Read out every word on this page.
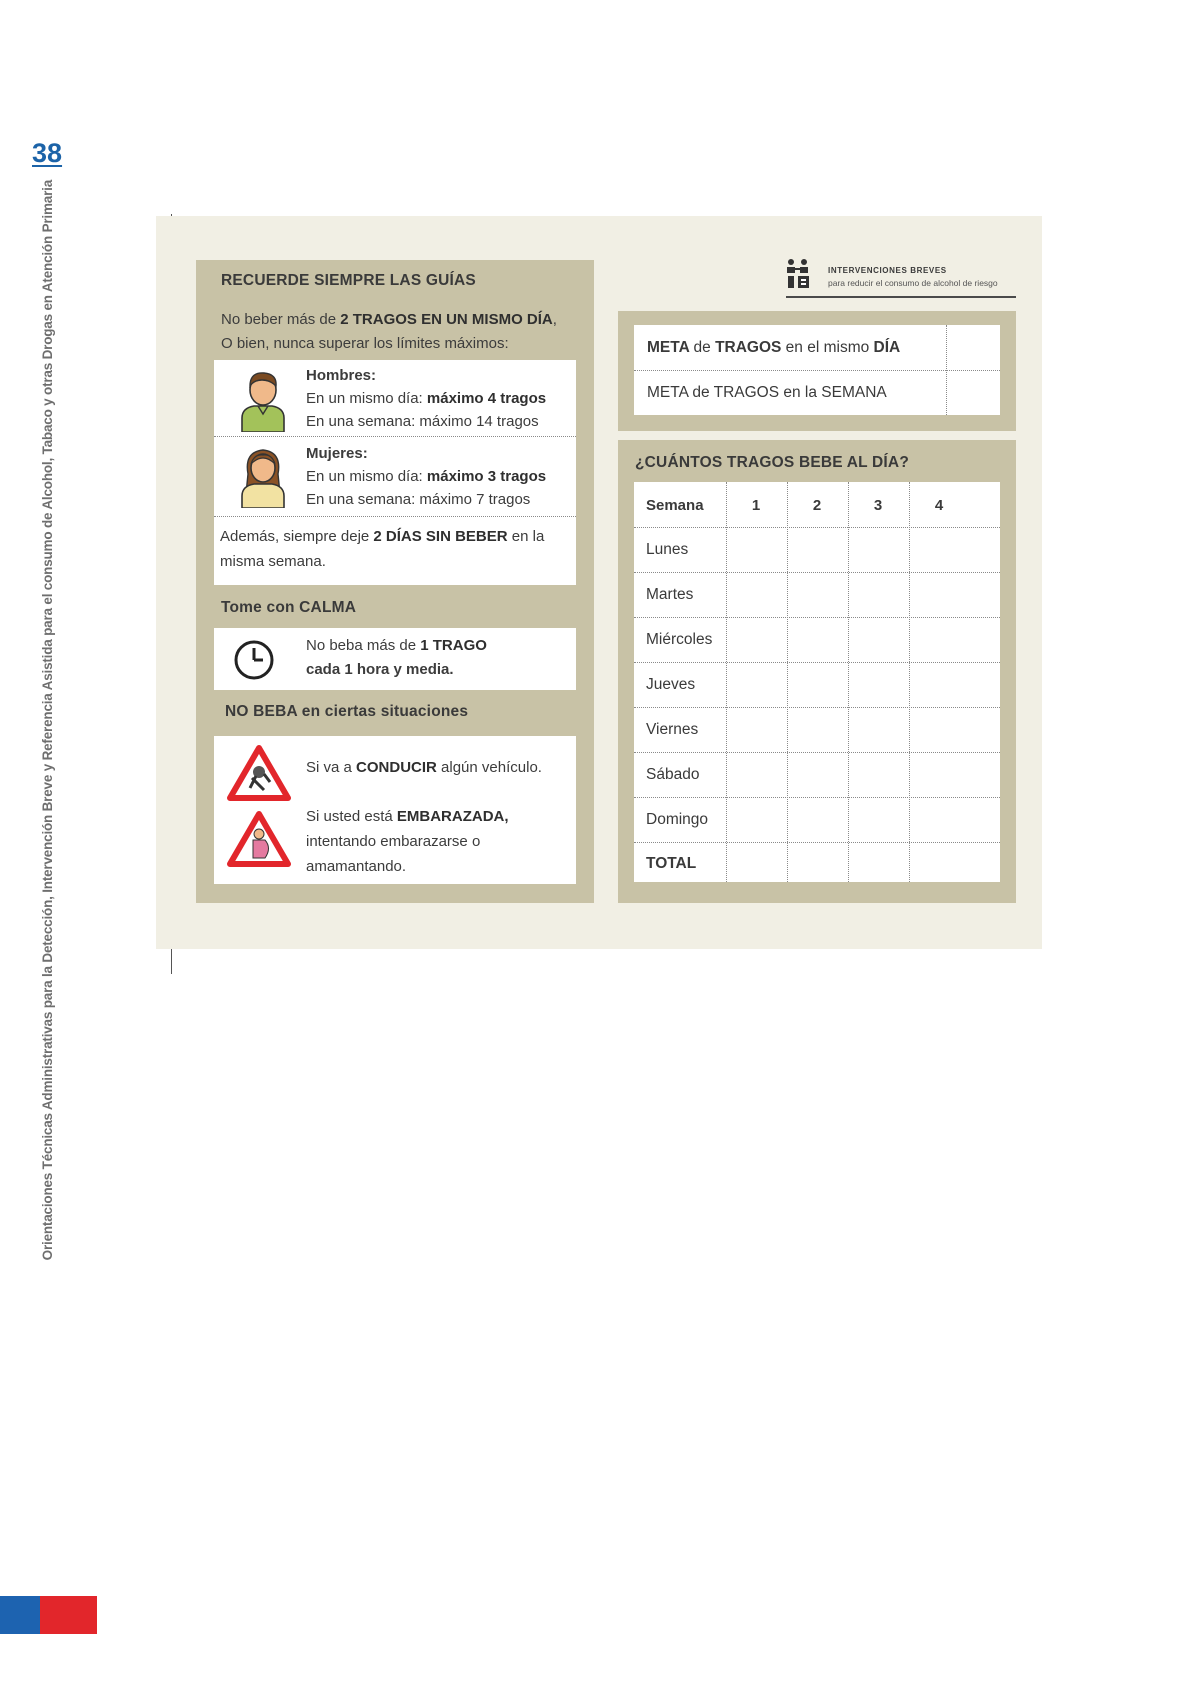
38
Orientaciones Técnicas Administrativas para la Detección, Intervención Breve y Referencia Asistida para el consumo de Alcohol, Tabaco y otras Drogas en Atención Primaria	RECUERDE SIEMPRE LAS GUÍAS
No beber más de 2 TRAGOS EN UN MISMO DÍA,
O bien, nunca superar los límites máximos:
Hombres:
En un mismo día: máximo 4 tragos
En una semana: máximo 14 tragos
Mujeres:
En un mismo día: máximo 3 tragos
En una semana: máximo 7 tragos
Además, siempre deje 2 DÍAS SIN BEBER en la
misma semana.
Tome con CALMA
No beba más de 1 TRAGO
cada 1 hora y media.
NO BEBA en ciertas situaciones
Si va a CONDUCIR algún vehículo.
Si usted está EMBARAZADA,
intentando embarazarse o
amamantando.
INTERVENCIONES BREVES
para reducir el consumo de alcohol de riesgo
META de TRAGOS en el mismo DÍA
META de TRAGOS en la SEMANA
¿CUÁNTOS TRAGOS BEBE AL DÍA?
Semana	1	2	3	4
Lunes
Martes
Miércoles
Jueves
Viernes
Sábado
Domingo
TOTAL
